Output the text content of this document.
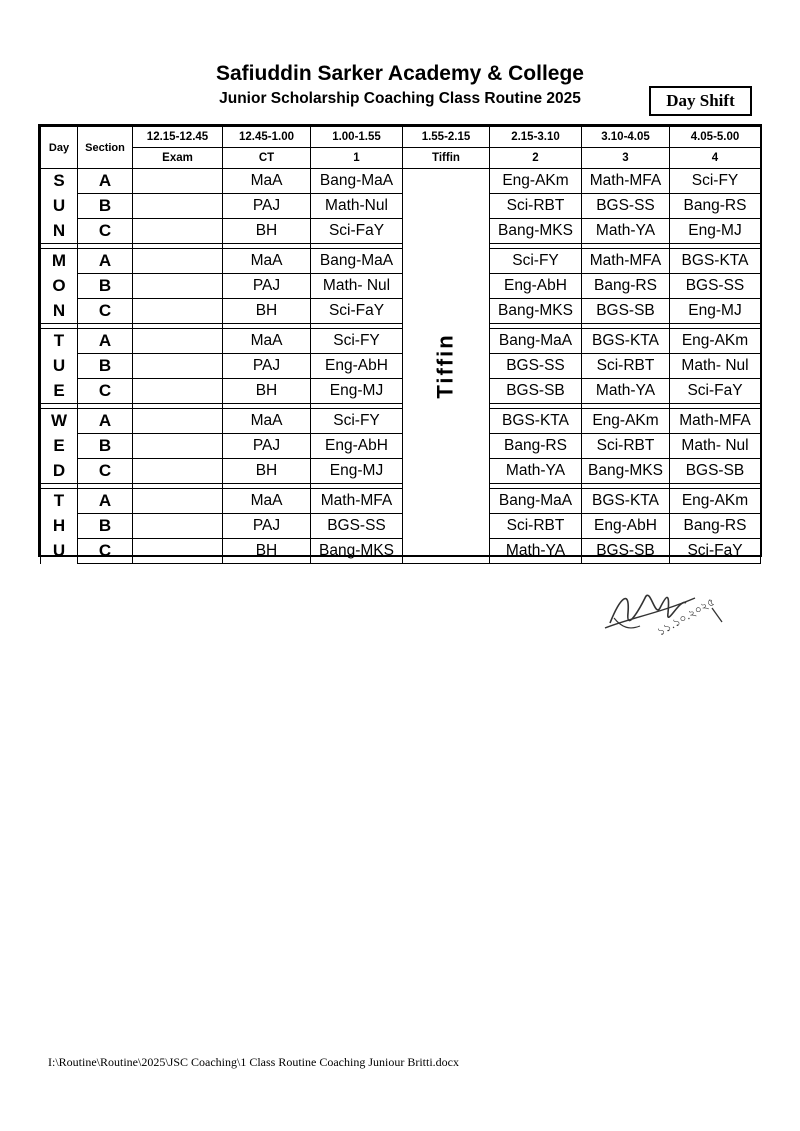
Safiuddin Sarker Academy & College
Junior Scholarship Coaching Class Routine 2025	Day Shift
Day	Section	12.15-12.45	12.45-1.00	1.00-1.55	1.55-2.15	2.15-3.10	3.10-4.05	4.05-5.00
		Exam	CT	1	Tiffin	2	3	4
S	A		MaA	Bang-MaA	Tiffin	Eng-AKm	Math-MFA	Sci-FY
U	B		PAJ	Math-Nul		Sci-RBT	BGS-SS	Bang-RS
N	C		BH	Sci-FaY		Bang-MKS	Math-YA	Eng-MJ

M	A		MaA	Bang-MaA		Sci-FY	Math-MFA	BGS-KTA
O	B		PAJ	Math- Nul		Eng-AbH	Bang-RS	BGS-SS
N	C		BH	Sci-FaY		Bang-MKS	BGS-SB	Eng-MJ

T	A		MaA	Sci-FY		Bang-MaA	BGS-KTA	Eng-AKm
U	B		PAJ	Eng-AbH		BGS-SS	Sci-RBT	Math- Nul
E	C		BH	Eng-MJ		BGS-SB	Math-YA	Sci-FaY

W	A		MaA	Sci-FY		BGS-KTA	Eng-AKm	Math-MFA
E	B		PAJ	Eng-AbH		Bang-RS	Sci-RBT	Math- Nul
D	C		BH	Eng-MJ		Math-YA	Bang-MKS	BGS-SB

T	A		MaA	Math-MFA		Bang-MaA	BGS-KTA	Eng-AKm
H	B		PAJ	BGS-SS		Sci-RBT	Eng-AbH	Bang-RS
U	C		BH	Bang-MKS		Math-YA	BGS-SB	Sci-FaY
১১.১০.২০২৫
I:\Routine\Routine\2025\JSC Coaching\1 Class Routine Coaching Juniour Britti.docx
